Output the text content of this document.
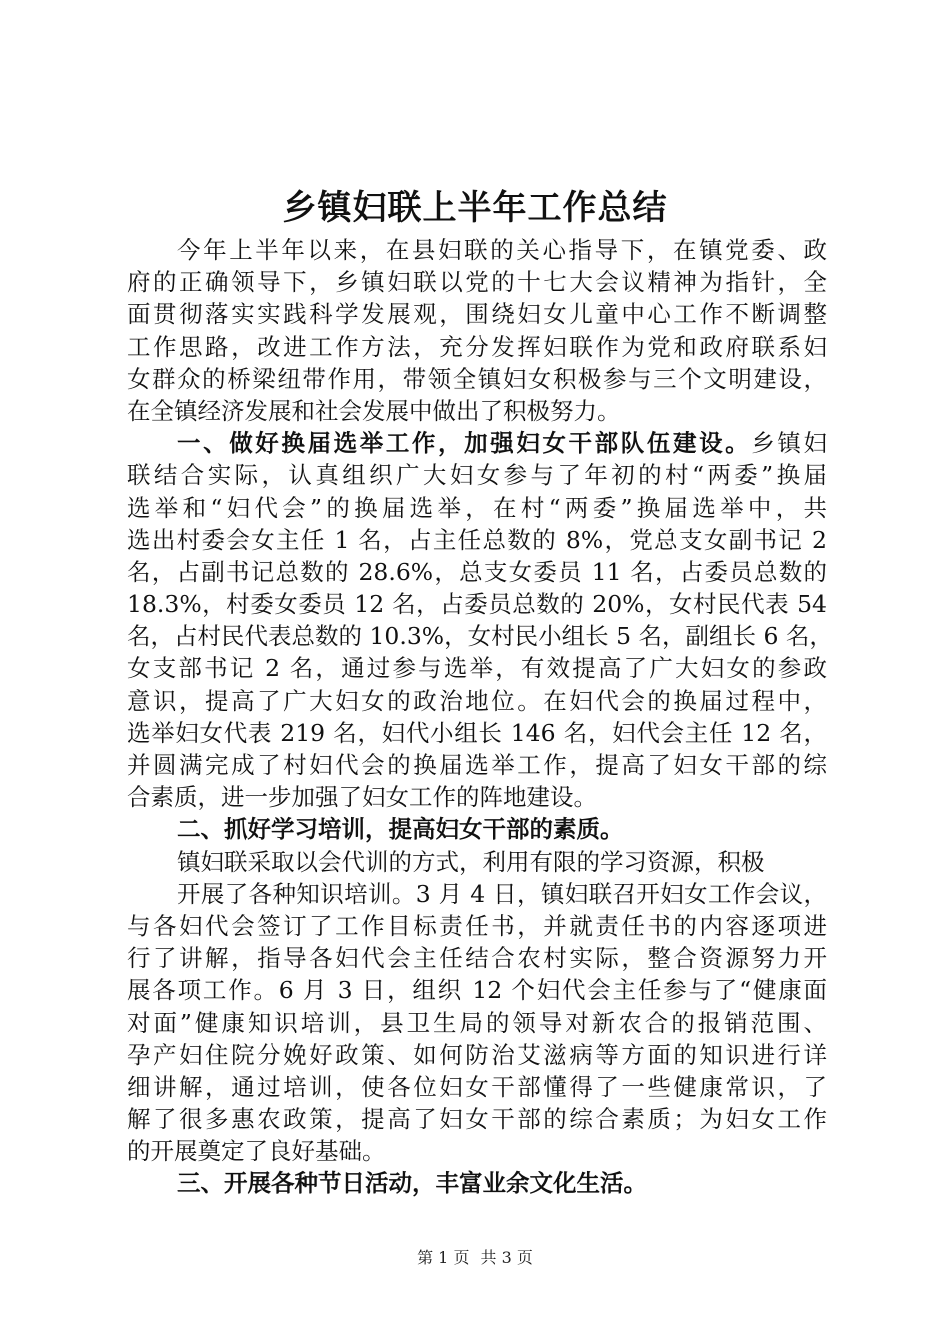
乡镇妇联上半年工作总结
今年上半年以来，在县妇联的关心指导下，在镇党委、政
府的正确领导下，乡镇妇联以党的十七大会议精神为指针，全
面贯彻落实实践科学发展观，围绕妇女儿童中心工作不断调整
工作思路，改进工作方法，充分发挥妇联作为党和政府联系妇
女群众的桥梁纽带作用，带领全镇妇女积极参与三个文明建设，
在全镇经济发展和社会发展中做出了积极努力。
一、做好换届选举工作，加强妇女干部队伍建设。乡镇妇
联结合实际，认真组织广大妇女参与了年初的村“两委”换届
选举和“妇代会”的换届选举，在村“两委”换届选举中，共
选出村委会女主任 1 名，占主任总数的 8%，党总支女副书记 2
名，占副书记总数的 28.6%，总支女委员 11 名，占委员总数的
18.3%，村委女委员 12 名，占委员总数的 20%，女村民代表 54
名，占村民代表总数的 10.3%，女村民小组长 5 名，副组长 6 名，
女支部书记 2 名，通过参与选举，有效提高了广大妇女的参政
意识，提高了广大妇女的政治地位。在妇代会的换届过程中，
选举妇女代表 219 名，妇代小组长 146 名，妇代会主任 12 名，
并圆满完成了村妇代会的换届选举工作，提高了妇女干部的综
合素质，进一步加强了妇女工作的阵地建设。
二、抓好学习培训，提高妇女干部的素质。
镇妇联采取以会代训的方式，利用有限的学习资源，积极
开展了各种知识培训。3 月 4 日，镇妇联召开妇女工作会议，
与各妇代会签订了工作目标责任书，并就责任书的内容逐项进
行了讲解，指导各妇代会主任结合农村实际，整合资源努力开
展各项工作。6 月 3 日，组织 12 个妇代会主任参与了“健康面
对面”健康知识培训，县卫生局的领导对新农合的报销范围、
孕产妇住院分娩好政策、如何防治艾滋病等方面的知识进行详
细讲解，通过培训，使各位妇女干部懂得了一些健康常识，了
解了很多惠农政策，提高了妇女干部的综合素质；为妇女工作
的开展奠定了良好基础。
三、开展各种节日活动，丰富业余文化生活。
第 1 页 共 3 页
